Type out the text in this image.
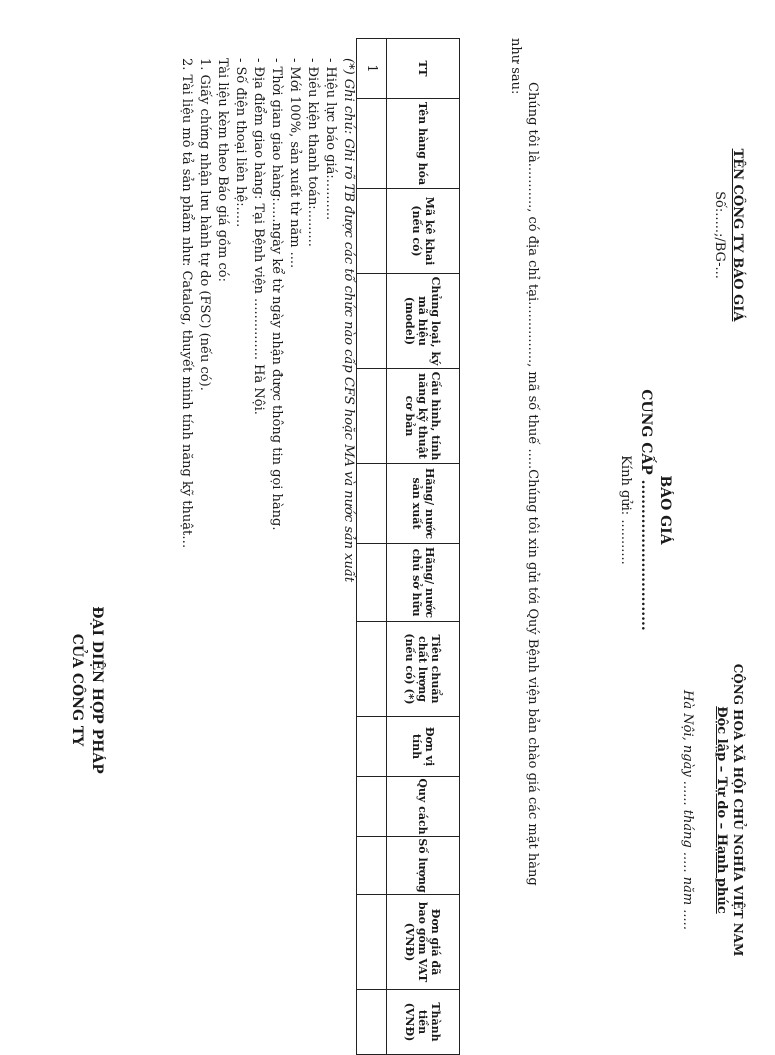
TÊN CÔNG TY BÁO GIÁ
Số:.....;/BG-...
CỘNG HOÀ XÃ HỘI CHỦ NGHĨA VIỆT NAM
Độc lập – Tự do – Hạnh phúc
Hà Nội, ngày ...... tháng ..... năm .....
BÁO GIÁ
CUNG CẤP ...............................
Kính gửi: ...........
Chúng tôi là..........., có địa chỉ tại..............., mã số thuế .....Chúng tôi xin gửi tới Quý Bệnh viện bản chào giá các mặt hàng
như sau:
TT	Tên hàng hóa	Mã kê khai (nếu có)	Chủng loại, ký mã hiệu (model)	Cấu hình, tính năng kỹ thuật cơ bản	Hãng/ nước sản xuất	Hãng/ nước chủ sở hữu	Tiêu chuẩn chất lượng (nếu có) (*)	Đơn vị tính	Quy cách	Số lượng	Đơn giá đã bao gồm VAT (VNĐ)	Thành tiền (VNĐ)
1												
(*) Ghi chú: Ghi rõ TB được các tổ chức nào cấp CFS hoặc MA và nước sản xuất
- Hiệu lực báo giá:..........
- Điều kiện thanh toán:.........
- Mới 100%, sản xuất từ năm ....
- Thời gian giao hàng:.....ngày kể từ ngày nhận được thông tin gọi hàng.
- Địa điểm giao hàng: Tại Bệnh viện ............... Hà Nội.
- Số điện thoại liên hệ:.....
Tài liệu kèm theo Báo giá gồm có:
1. Giấy chứng nhận lưu hành tự do (FSC) (nếu có).
2. Tài liệu mô tả sản phẩm như: Catalog, thuyết minh tính năng kỹ thuật…
ĐẠI DIỆN HỢP PHÁP
CỦA CÔNG TY
